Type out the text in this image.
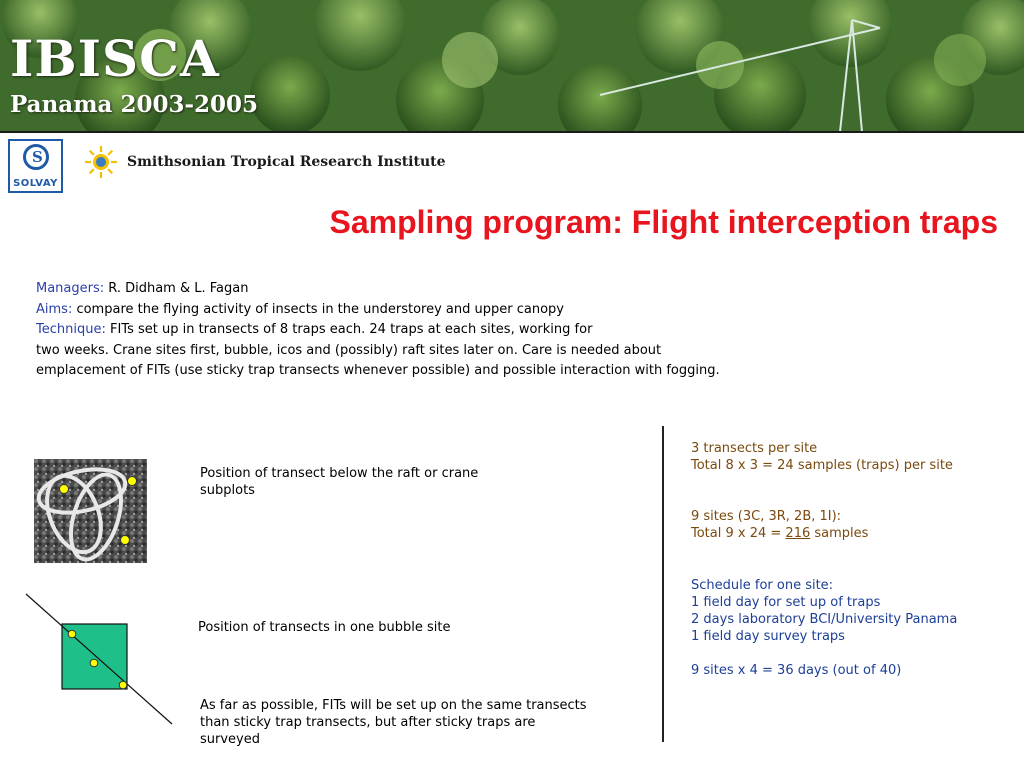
IBISCA
Panama 2003-2005
S
SOLVAY
Smithsonian Tropical Research Institute
Sampling program: Flight interception traps
Managers: R. Didham & L. Fagan
Aims: compare the flying activity of insects in the understorey and upper canopy
Technique: FITs set up in transects of 8 traps each. 24 traps at each sites, working for
two weeks. Crane sites first, bubble, icos and (possibly) raft sites later on. Care is needed about emplacement of FITs (use sticky trap transects whenever possible) and possible interaction with fogging.
Position of transect below the raft or crane subplots
Position of transects in one bubble site
As far as possible, FITs will be set up on the same transects than sticky trap transects, but after sticky traps are surveyed
3 transects per site
Total 8 x 3 = 24 samples (traps) per site
9 sites (3C, 3R, 2B, 1I):
Total 9 x 24 = 216 samples
Schedule for one site:
1 field day for set up of traps
2 days laboratory BCI/University Panama
1 field day survey traps
9 sites x 4 = 36 days (out of 40)
